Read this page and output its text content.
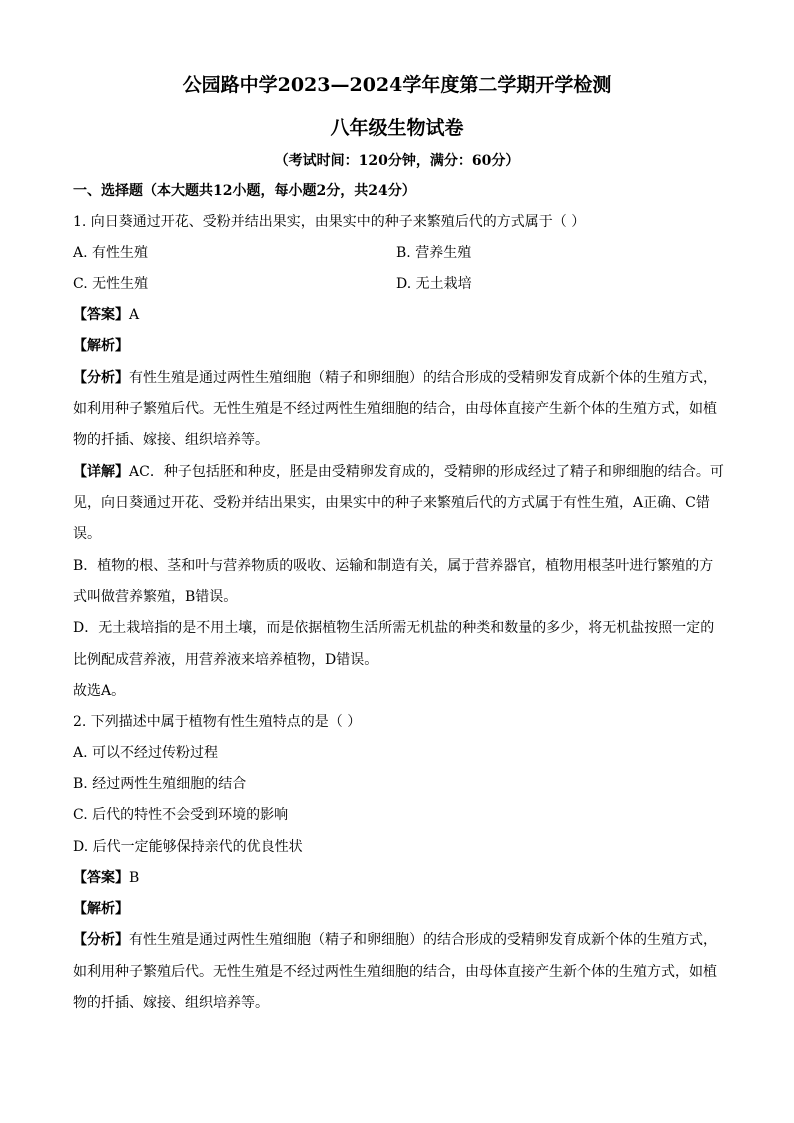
公园路中学2023—2024学年度第二学期开学检测
八年级生物试卷
（考试时间：120分钟，满分：60分）
一、选择题（本大题共12小题，每小题2分，共24分）
1. 向日葵通过开花、受粉并结出果实，由果实中的种子来繁殖后代的方式属于（ ）
A. 有性生殖	B. 营养生殖
C. 无性生殖	D. 无土栽培
【答案】A
【解析】
【分析】有性生殖是通过两性生殖细胞（精子和卵细胞）的结合形成的受精卵发育成新个体的生殖方式，
如利用种子繁殖后代。无性生殖是不经过两性生殖细胞的结合，由母体直接产生新个体的生殖方式，如植
物的扦插、嫁接、组织培养等。
【详解】AC．种子包括胚和种皮，胚是由受精卵发育成的，受精卵的形成经过了精子和卵细胞的结合。可
见，向日葵通过开花、受粉并结出果实，由果实中的种子来繁殖后代的方式属于有性生殖，A正确、C错
误。
B．植物的根、茎和叶与营养物质的吸收、运输和制造有关，属于营养器官，植物用根茎叶进行繁殖的方
式叫做营养繁殖，B错误。
D．无土栽培指的是不用土壤，而是依据植物生活所需无机盐的种类和数量的多少，将无机盐按照一定的
比例配成营养液，用营养液来培养植物，D错误。
故选A。
2. 下列描述中属于植物有性生殖特点的是（ ）
A. 可以不经过传粉过程
B. 经过两性生殖细胞的结合
C. 后代的特性不会受到环境的影响
D. 后代一定能够保持亲代的优良性状
【答案】B
【解析】
【分析】有性生殖是通过两性生殖细胞（精子和卵细胞）的结合形成的受精卵发育成新个体的生殖方式，
如利用种子繁殖后代。无性生殖是不经过两性生殖细胞的结合，由母体直接产生新个体的生殖方式，如植
物的扦插、嫁接、组织培养等。
